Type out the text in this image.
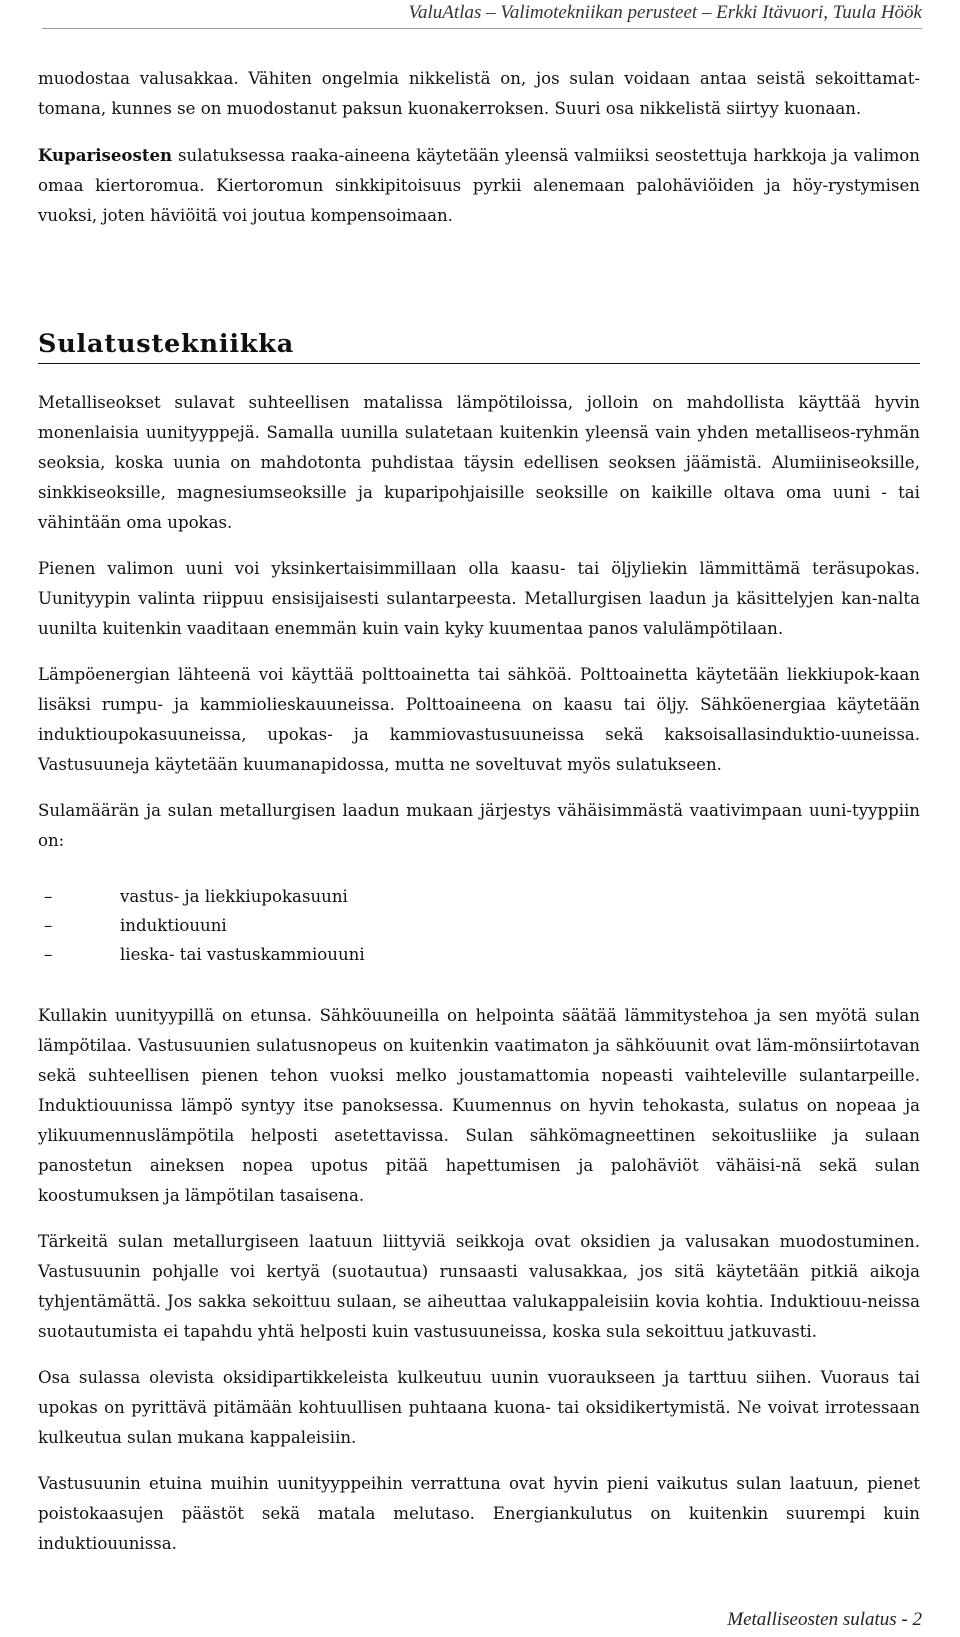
ValuAtlas – Valimotekniikan perusteet – Erkki Itävuori, Tuula Höök

muodostaa valusakkaa. Vähiten ongelmia nikkelistä on, jos sulan voidaan antaa seistä sekoittamat-tomana, kunnes se on muodostanut paksun kuonakerroksen. Suuri osa nikkelistä siirtyy kuonaan.

Kupariseosten sulatuksessa raaka-aineena käytetään yleensä valmiiksi seostettuja harkkoja ja valimon omaa kiertoromua. Kiertoromun sinkkipitoisuus pyrkii alenemaan palohäviöiden ja höy-rystymisen vuoksi, joten häviöitä voi joutua kompensoimaan.

Sulatustekniikka

Metalliseokset sulavat suhteellisen matalissa lämpötiloissa, jolloin on mahdollista käyttää hyvin monenlaisia uunityyppejä. Samalla uunilla sulatetaan kuitenkin yleensä vain yhden metalliseos-ryhmän seoksia, koska uunia on mahdotonta puhdistaa täysin edellisen seoksen jäämistä. Alumiiniseoksille, sinkkiseoksille, magnesiumseoksille ja kuparipohjaisille seoksille on kaikille oltava oma uuni - tai vähintään oma upokas.

Pienen valimon uuni voi yksinkertaisimmillaan olla kaasu- tai öljyliekin lämmittämä teräsupokas. Uunityypin valinta riippuu ensisijaisesti sulantarpeesta. Metallurgisen laadun ja käsittelyjen kan-nalta uunilta kuitenkin vaaditaan enemmän kuin vain kyky kuumentaa panos valulämpötilaan.

Lämpöenergian lähteenä voi käyttää polttoainetta tai sähköä. Polttoainetta käytetään liekkiupok-kaan lisäksi rumpu- ja kammiolieskauuneissa. Polttoaineena on kaasu tai öljy. Sähköenergiaa käytetään induktioupokasuuneissa, upokas- ja kammiovastusuuneissa sekä kaksoisallasinduktio-uuneissa. Vastusuuneja käytetään kuumanapidossa, mutta ne soveltuvat myös sulatukseen.

Sulamäärän ja sulan metallurgisen laadun mukaan järjestys vähäisimmästä vaativimpaan uuni-tyyppiin on:

–	vastus- ja liekkiupokasuuni
–	induktiouuni
–	lieska- tai vastuskammiouuni

Kullakin uunityypillä on etunsa. Sähköuuneilla on helpointa säätää lämmitystehoa ja sen myötä sulan lämpötilaa. Vastusuunien sulatusnopeus on kuitenkin vaatimaton ja sähköuunit ovat läm-mönsiirtotavan sekä suhteellisen pienen tehon vuoksi melko joustamattomia nopeasti vaihteleville sulantarpeille. Induktiouunissa lämpö syntyy itse panoksessa. Kuumennus on hyvin tehokasta, sulatus on nopeaa ja ylikuumennuslämpötila helposti asetettavissa. Sulan sähkömagneettinen sekoitusliike ja sulaan panostetun aineksen nopea upotus pitää hapettumisen ja palohäviöt vähäisi-nä sekä sulan koostumuksen ja lämpötilan tasaisena.

Tärkeitä sulan metallurgiseen laatuun liittyviä seikkoja ovat oksidien ja valusakan muodostuminen. Vastusuunin pohjalle voi kertyä (suotautua) runsaasti valusakkaa, jos sitä käytetään pitkiä aikoja tyhjentämättä. Jos sakka sekoittuu sulaan, se aiheuttaa valukappaleisiin kovia kohtia. Induktiouu-neissa suotautumista ei tapahdu yhtä helposti kuin vastusuuneissa, koska sula sekoittuu jatkuvasti.

Osa sulassa olevista oksidipartikkeleista kulkeutuu uunin vuoraukseen ja tarttuu siihen. Vuoraus tai upokas on pyrittävä pitämään kohtuullisen puhtaana kuona- tai oksidikertymistä. Ne voivat irrotessaan kulkeutua sulan mukana kappaleisiin.

Vastusuunin etuina muihin uunityyppeihin verrattuna ovat hyvin pieni vaikutus sulan laatuun, pienet poistokaasujen päästöt sekä matala melutaso. Energiankulutus on kuitenkin suurempi kuin induktiouunissa.

Metalliseosten sulatus - 2
